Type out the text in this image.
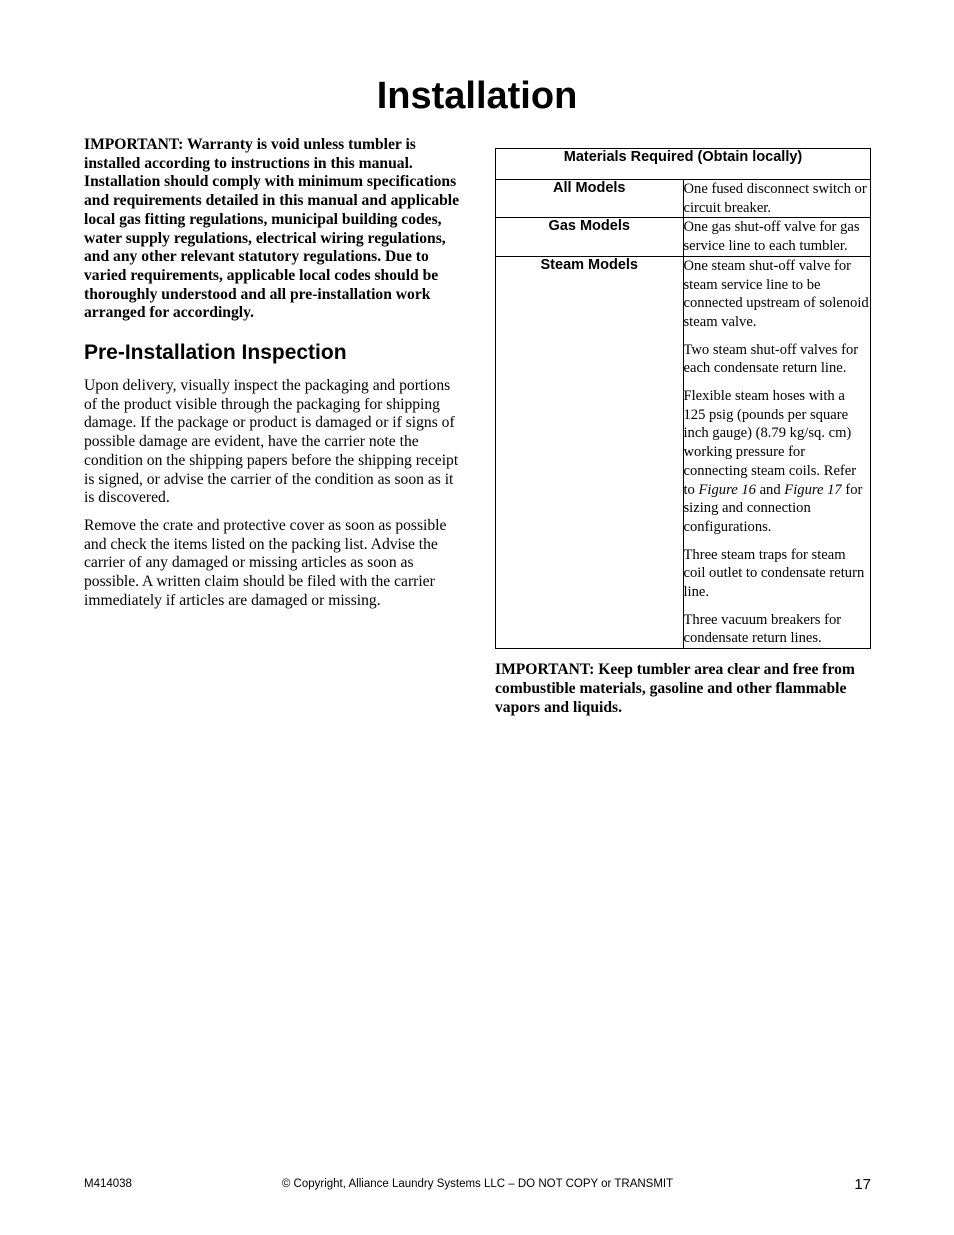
Installation

IMPORTANT: Warranty is void unless tumbler is installed according to instructions in this manual. Installation should comply with minimum specifications and requirements detailed in this manual and applicable local gas fitting regulations, municipal building codes, water supply regulations, electrical wiring regulations, and any other relevant statutory regulations. Due to varied requirements, applicable local codes should be thoroughly understood and all pre-installation work arranged for accordingly.

Pre-Installation Inspection

Upon delivery, visually inspect the packaging and portions of the product visible through the packaging for shipping damage. If the package or product is damaged or if signs of possible damage are evident, have the carrier note the condition on the shipping papers before the shipping receipt is signed, or advise the carrier of the condition as soon as it is discovered.

Remove the crate and protective cover as soon as possible and check the items listed on the packing list. Advise the carrier of any damaged or missing articles as soon as possible. A written claim should be filed with the carrier immediately if articles are damaged or missing.

Materials Required (Obtain locally)	
All Models	One fused disconnect switch or circuit breaker.

Gas Models	One gas shut-off valve for gas service line to each tumbler.

Steam Models	One steam shut-off valve for steam service line to be connected upstream of solenoid steam valve.

Two steam shut-off valves for each condensate return line.

Flexible steam hoses with a 125 psig (pounds per square inch gauge) (8.79 kg/sq. cm) working pressure for connecting steam coils. Refer to Figure 16 and Figure 17 for sizing and connection configurations.

Three steam traps for steam coil outlet to condensate return line.

Three vacuum breakers for condensate return lines.

IMPORTANT: Keep tumbler area clear and free from combustible materials, gasoline and other flammable vapors and liquids.

M414038	© Copyright, Alliance Laundry Systems LLC – DO NOT COPY or TRANSMIT	17
